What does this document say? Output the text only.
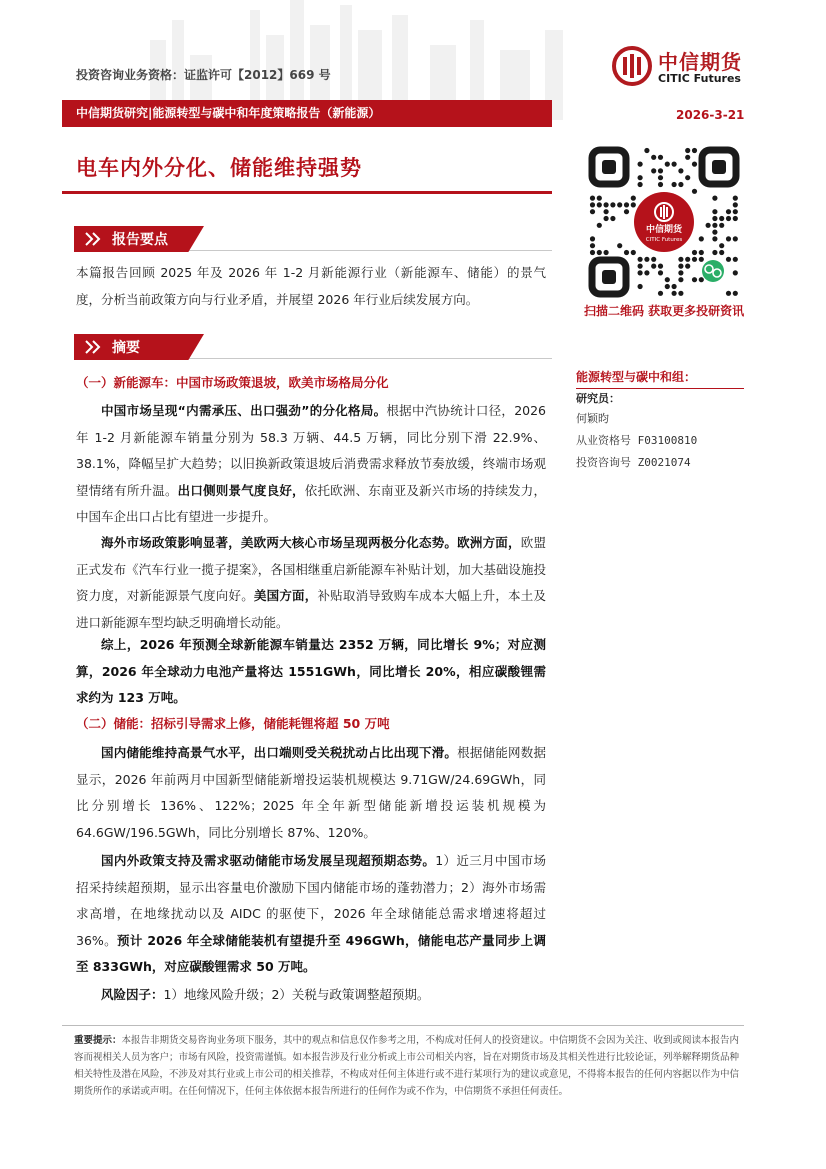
投资咨询业务资格：证监许可【2012】669 号
中信期货
CITIC Futures
中信期货研究|能源转型与碳中和年度策略报告（新能源）	2026-3-21
电车内外分化、储能维持强势
中信期货
CITIC Futures
扫描二维码 获取更多投研资讯
报告要点
本篇报告回顾 2025 年及 2026 年 1-2 月新能源行业（新能源车、储能）的景气度，分析当前政策方向与行业矛盾，并展望 2026 年行业后续发展方向。
摘要
（一）新能源车：中国市场政策退坡，欧美市场格局分化
中国市场呈现“内需承压、出口强劲”的分化格局。根据中汽协统计口径，2026 年 1-2 月新能源车销量分别为 58.3 万辆、44.5 万辆，同比分别下滑 22.9%、38.1%，降幅呈扩大趋势；以旧换新政策退坡后消费需求释放节奏放缓，终端市场观望情绪有所升温。出口侧则景气度良好，依托欧洲、东南亚及新兴市场的持续发力，中国车企出口占比有望进一步提升。
海外市场政策影响显著，美欧两大核心市场呈现两极分化态势。欧洲方面，欧盟正式发布《汽车行业一揽子提案》，各国相继重启新能源车补贴计划，加大基础设施投资力度，对新能源景气度向好。美国方面，补贴取消导致购车成本大幅上升，本土及进口新能源车型均缺乏明确增长动能。
综上，2026 年预测全球新能源车销量达 2352 万辆，同比增长 9%；对应测算，2026 年全球动力电池产量将达 1551GWh，同比增长 20%，相应碳酸锂需求约为 123 万吨。
（二）储能：招标引导需求上修，储能耗锂将超 50 万吨
国内储能维持高景气水平，出口端则受关税扰动占比出现下滑。根据储能网数据显示，2026 年前两月中国新型储能新增投运装机规模达 9.71GW/24.69GWh，同比分别增长 136%、122%；2025 年全年新型储能新增投运装机规模为 64.6GW/196.5GWh，同比分别增长 87%、120%。
国内外政策支持及需求驱动储能市场发展呈现超预期态势。1）近三月中国市场招采持续超预期，显示出容量电价激励下国内储能市场的蓬勃潜力；2）海外市场需求高增，在地缘扰动以及 AIDC 的驱使下，2026 年全球储能总需求增速将超过 36%。预计 2026 年全球储能装机有望提升至 496GWh，储能电芯产量同步上调至 833GWh，对应碳酸锂需求 50 万吨。
风险因子：1）地缘风险升级；2）关税与政策调整超预期。
能源转型与碳中和组：
研究员：
何颖昀
从业资格号 F03100810
投资咨询号 Z0021074
重要提示：本报告非期货交易咨询业务项下服务，其中的观点和信息仅作参考之用，不构成对任何人的投资建议。中信期货不会因为关注、收到或阅读本报告内容而视相关人员为客户；市场有风险，投资需谨慎。如本报告涉及行业分析或上市公司相关内容，旨在对期货市场及其相关性进行比较论证，列举解释期货品种相关特性及潜在风险，不涉及对其行业或上市公司的相关推荐，不构成对任何主体进行或不进行某项行为的建议或意见，不得将本报告的任何内容据以作为中信期货所作的承诺或声明。在任何情况下，任何主体依据本报告所进行的任何作为或不作为，中信期货不承担任何责任。
